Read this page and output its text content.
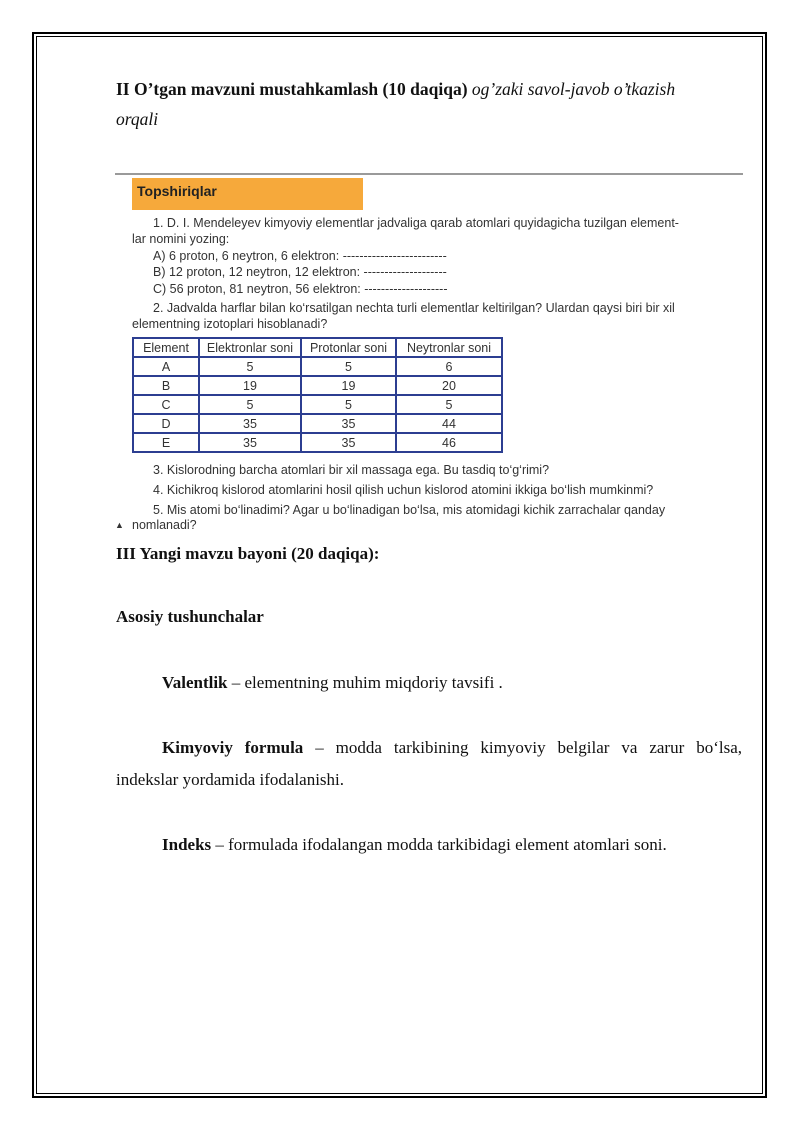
II O’tgan mavzuni mustahkamlash (10 daqiqa) og’zaki savol-javob o’tkazish
orqali
Topshiriqlar
1. D. I. Mendeleyev kimyoviy elementlar jadvaliga qarab atomlari quyidagicha tuzilgan element-
lar nomini yozing:
A) 6 proton, 6 neytron, 6 elektron: -------------------------
B) 12 proton, 12 neytron, 12 elektron: --------------------
C) 56 proton, 81 neytron, 56 elektron: --------------------
2. Jadvalda harflar bilan ko‘rsatilgan nechta turli elementlar keltirilgan? Ulardan qaysi biri bir xil
elementning izotoplari hisoblanadi?
Element	Elektronlar soni	Protonlar soni	Neytronlar soni
A	5	5	6
B	19	19	20
C	5	5	5
D	35	35	44
E	35	35	46
3. Kislorodning barcha atomlari bir xil massaga ega. Bu tasdiq to‘g‘rimi?
4. Kichikroq kislorod atomlarini hosil qilish uchun kislorod atomini ikkiga bo‘lish mumkinmi?
5. Mis atomi bo‘linadimi? Agar u bo‘linadigan bo‘lsa, mis atomidagi kichik zarrachalar qanday
▲ nomlanadi?
III Yangi mavzu bayoni (20 daqiqa):
Asosiy tushunchalar
Valentlik – elementning muhim miqdoriy tavsifi .
Kimyoviy formula – modda tarkibining kimyoviy belgilar va zarur bo‘lsa,
indekslar yordamida ifodalanishi.
Indeks – formulada ifodalangan modda tarkibidagi element atomlari soni.
